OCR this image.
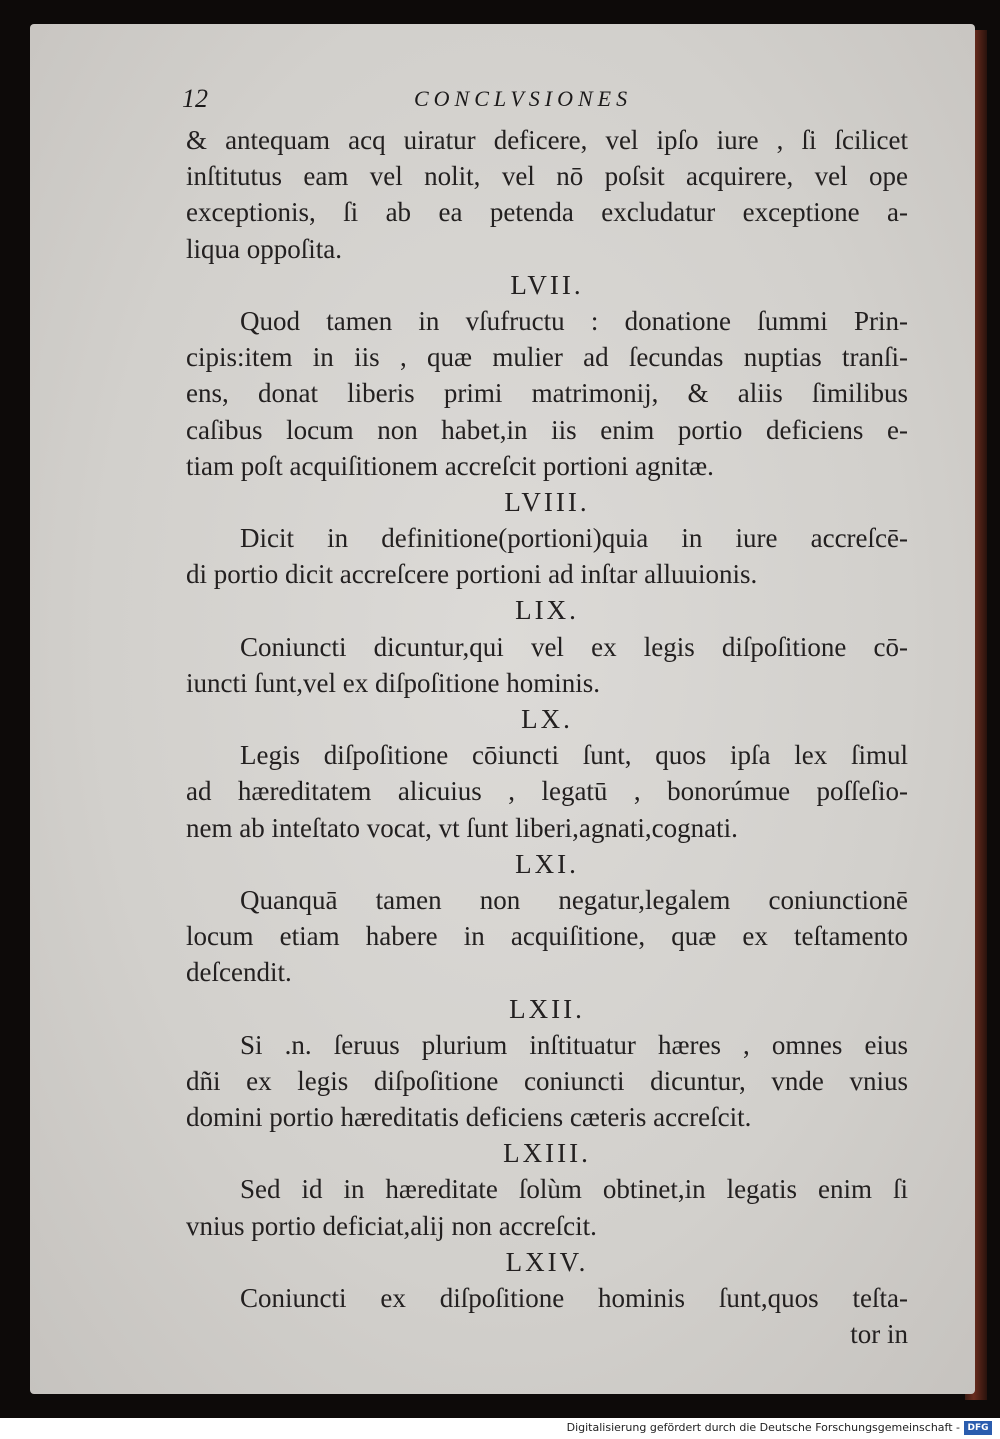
12	CONCLVSIONES
& antequam acq uiratur deficere, vel ipſo iure , ſi ſcilicet
inſtitutus eam vel nolit, vel nō poſsit acquirere, vel ope
exceptionis, ſi ab ea petenda excludatur exceptione a-
liqua oppoſita.
LVII.
Quod tamen in vſufructu : donatione ſummi Prin-
cipis:item in iis , quæ mulier ad ſecundas nuptias tranſi-
ens, donat liberis primi matrimonij, & aliis ſimilibus
caſibus locum non habet,in iis enim portio deficiens e-
tiam poſt acquiſitionem accreſcit portioni agnitæ.
LVIII.
Dicit in definitione(portioni)quia in iure accreſcē-
di portio dicit accreſcere portioni ad inſtar alluuionis.
LIX.
Coniuncti dicuntur,qui vel ex legis diſpoſitione cō-
iuncti ſunt,vel ex diſpoſitione hominis.
LX.
Legis diſpoſitione cōiuncti ſunt, quos ipſa lex ſimul
ad hæreditatem alicuius , legatū , bonorúmue poſſeſio-
nem ab inteſtato vocat, vt ſunt liberi,agnati,cognati.
LXI.
Quanquā tamen non negatur,legalem coniunctionē
locum etiam habere in acquiſitione, quæ ex teſtamento
deſcendit.
LXII.
Si .n. ſeruus plurium inſtituatur hæres , omnes eius
dñi ex legis diſpoſitione coniuncti dicuntur, vnde vnius
domini portio hæreditatis deficiens cæteris accreſcit.
LXIII.
Sed id in hæreditate ſolùm obtinet,in legatis enim ſi
vnius portio deficiat,alij non accreſcit.
LXIV.
Coniuncti ex diſpoſitione hominis ſunt,quos teſta-
tor in
Digitalisierung gefördert durch die Deutsche Forschungsgemeinschaft - DFG
